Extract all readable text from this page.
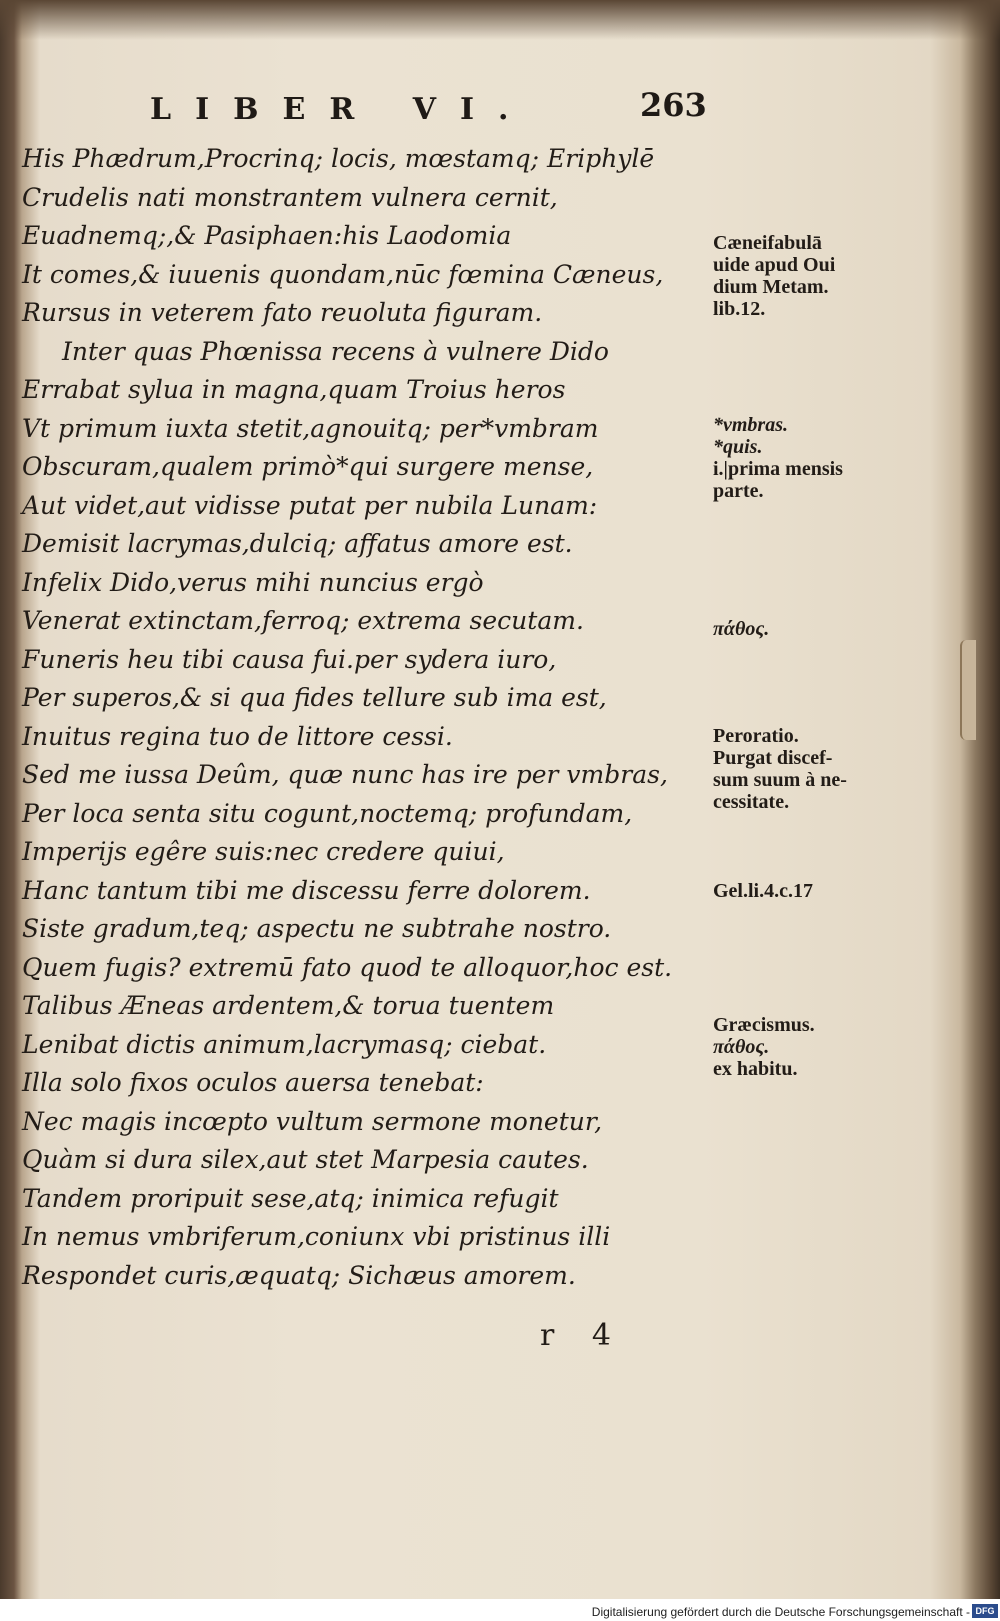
LIBER VI.	263
His Phædrum,Procrinq; locis, mœstamq; Eriphylē
Crudelis nati monstrantem vulnera cernit,
Euadnemq;,& Pasiphaen:his Laodomia
It comes,& iuuenis quondam,nūc fœmina Cæneus,
Rursus in veterem fato reuoluta figuram.
Inter quas Phœnissa recens à vulnere Dido
Errabat sylua in magna,quam Troius heros
Vt primum iuxta stetit,agnouitq; per*vmbram
Obscuram,qualem primò*qui surgere mense,
Aut videt,aut vidisse putat per nubila Lunam:
Demisit lacrymas,dulciq; affatus amore est.
Infelix Dido,verus mihi nuncius ergò
Venerat extinctam,ferroq; extrema secutam.
Funeris heu tibi causa fui.per sydera iuro,
Per superos,& si qua fides tellure sub ima est,
Inuitus regina tuo de littore cessi.
Sed me iussa Deûm, quæ nunc has ire per vmbras,
Per loca senta situ cogunt,noctemq; profundam,
Imperijs egêre suis:nec credere quiui,
Hanc tantum tibi me discessu ferre dolorem.
Siste gradum,teq; aspectu ne subtrahe nostro.
Quem fugis? extremū fato quod te alloquor,hoc est.
Talibus Æneas ardentem,& torua tuentem
Lenibat dictis animum,lacrymasq; ciebat.
Illa solo fixos oculos auersa tenebat:
Nec magis incœpto vultum sermone monetur,
Quàm si dura silex,aut stet Marpesia cautes.
Tandem proripuit sese,atq; inimica refugit
In nemus vmbriferum,coniunx vbi pristinus illi
Respondet curis,æquatq; Sichæus amorem.
Cæneifabulā
uide apud Oui
dium Metam.
lib.12.
*vmbras.
*quis.
i.|prima mensis
parte.
πάθος.
Peroratio.
Purgat discef-
sum suum à ne-
cessitate.
Gel.li.4.c.17
Græcismus.
πάθος.
ex habitu.
r 4
Digitalisierung gefördert durch die Deutsche Forschungsgemeinschaft - DFG
